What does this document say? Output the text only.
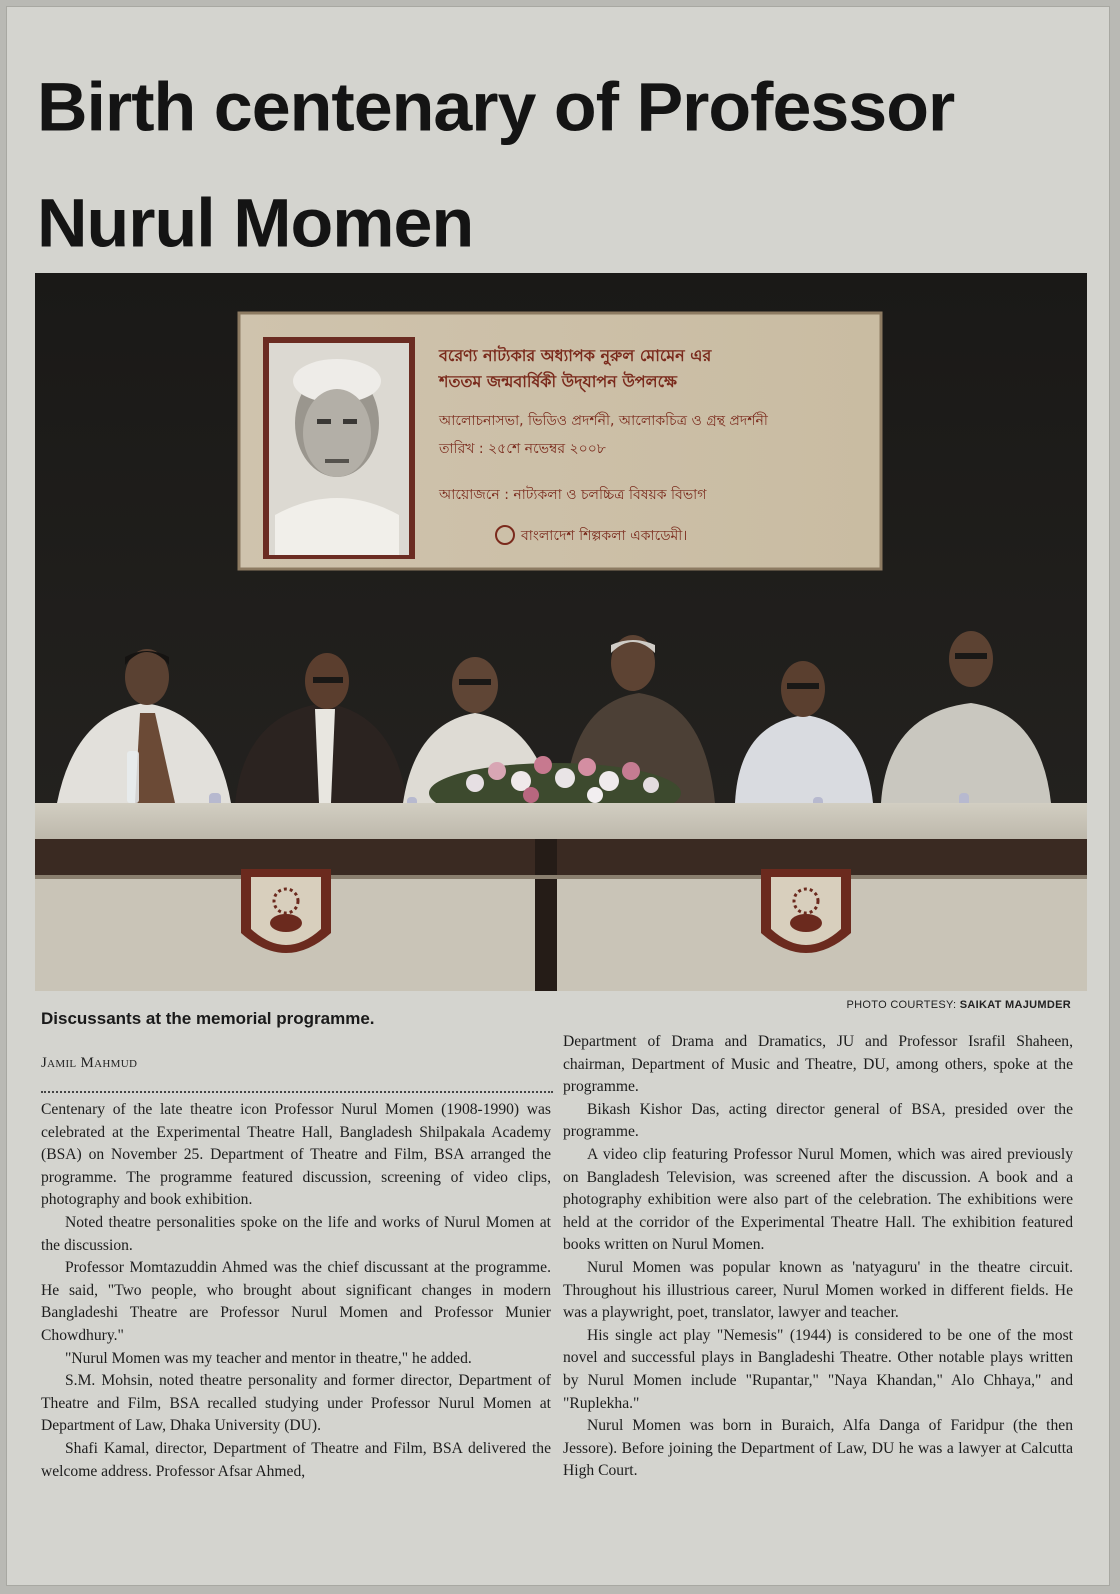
Birth centenary of Professor Nurul Momen
বরেণ্য নাট্যকার অধ্যাপক নুরুল মোমেন এর
শততম জন্মবার্ষিকী উদ্‌যাপন উপলক্ষে
আলোচনাসভা, ভিডিও প্রদর্শনী, আলোকচিত্র ও গ্রন্থ প্রদর্শনী
তারিখ : ২৫শে নভেম্বর ২০০৮
আয়োজনে : নাট্যকলা ও চলচ্চিত্র বিষয়ক বিভাগ
বাংলাদেশ শিল্পকলা একাডেমী।
PHOTO COURTESY: SAIKAT MAJUMDER
Discussants at the memorial programme.
Jamil Mahmud

Centenary of the late theatre icon Professor Nurul Momen (1908-1990) was celebrated at the Experimental Theatre Hall, Bangladesh Shilpakala Academy (BSA) on November 25. Department of Theatre and Film, BSA arranged the programme. The programme featured discussion, screening of video clips, photography and book exhibition.

Noted theatre personalities spoke on the life and works of Nurul Momen at the discussion.

Professor Momtazuddin Ahmed was the chief discussant at the programme. He said, "Two people, who brought about significant changes in modern Bangladeshi Theatre are Professor Nurul Momen and Professor Munier Chowdhury."

"Nurul Momen was my teacher and mentor in theatre," he added.

S.M. Mohsin, noted theatre personality and former director, Department of Theatre and Film, BSA recalled studying under Professor Nurul Momen at Department of Law, Dhaka University (DU).

Shafi Kamal, director, Department of Theatre and Film, BSA delivered the welcome address. Professor Afsar Ahmed,

Department of Drama and Dramatics, JU and Professor Israfil Shaheen, chairman, Department of Music and Theatre, DU, among others, spoke at the programme.

Bikash Kishor Das, acting director general of BSA, presided over the programme.

A video clip featuring Professor Nurul Momen, which was aired previously on Bangladesh Television, was screened after the discussion. A book and a photography exhibition were also part of the celebration. The exhibitions were held at the corridor of the Experimental Theatre Hall. The exhibition featured books written on Nurul Momen.

Nurul Momen was popular known as 'natyaguru' in the theatre circuit. Throughout his illustrious career, Nurul Momen worked in different fields. He was a playwright, poet, translator, lawyer and teacher.

His single act play "Nemesis" (1944) is considered to be one of the most novel and successful plays in Bangladeshi Theatre. Other notable plays written by Nurul Momen include "Rupantar," "Naya Khandan," Alo Chhaya," and "Ruplekha."

Nurul Momen was born in Buraich, Alfa Danga of Faridpur (the then Jessore). Before joining the Department of Law, DU he was a lawyer at Calcutta High Court.
